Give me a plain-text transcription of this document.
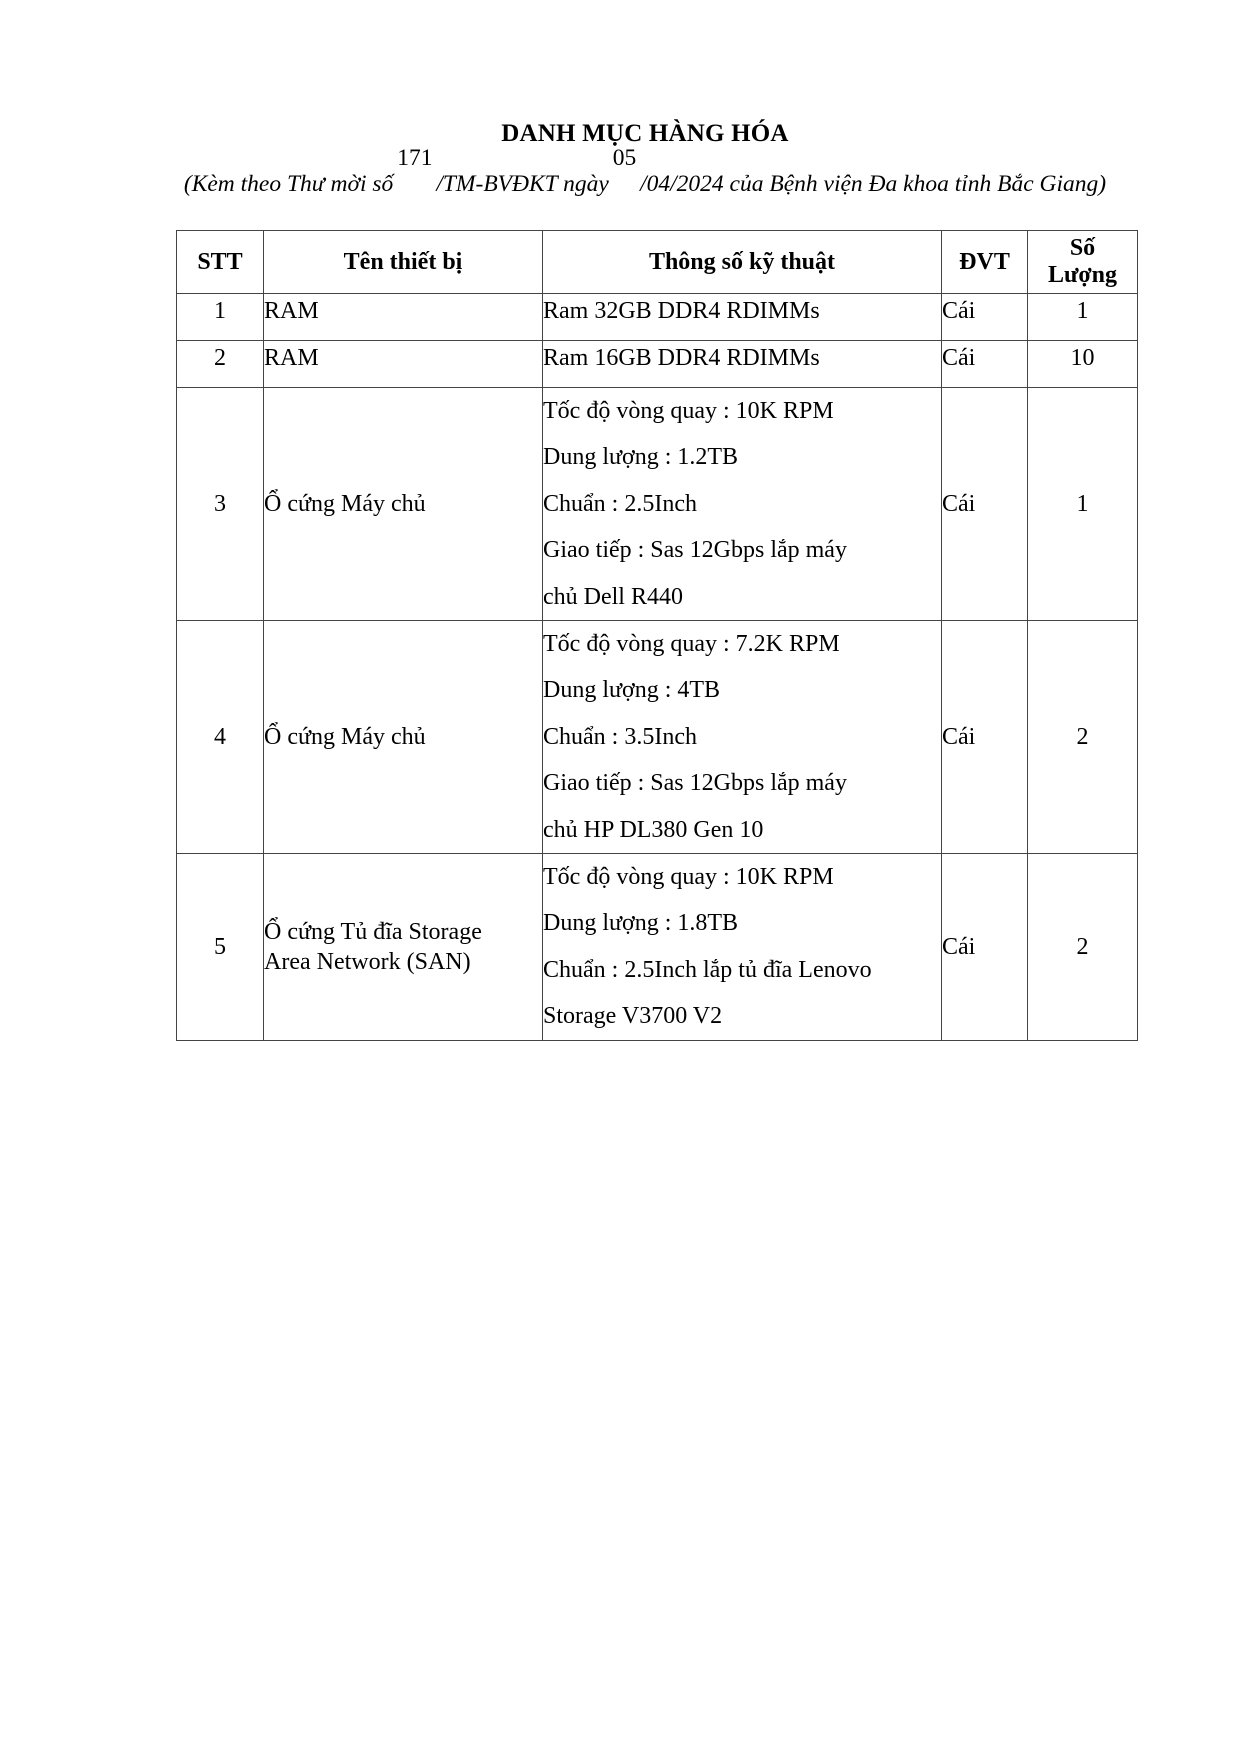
DANH MỤC HÀNG HÓA
(Kèm theo Thư mời số 171 /TM-BVĐKT ngày 05 /04/2024 của Bệnh viện Đa khoa tỉnh Bắc Giang)
STT	Tên thiết bị	Thông số kỹ thuật	ĐVT	Số
Lượng

1	RAM	Ram 32GB DDR4 RDIMMs	Cái	1
2	RAM	Ram 16GB DDR4 RDIMMs	Cái	10
3	Ổ cứng Máy chủ	Tốc độ vòng quay : 10K RPM
Dung lượng : 1.2TB
Chuẩn : 2.5Inch
Giao tiếp : Sas 12Gbps lắp máy
chủ Dell R440	Cái	1
4	Ổ cứng Máy chủ	Tốc độ vòng quay : 7.2K RPM
Dung lượng : 4TB
Chuẩn : 3.5Inch
Giao tiếp : Sas 12Gbps lắp máy
chủ HP DL380 Gen 10	Cái	2
5	Ổ cứng Tủ đĩa Storage
Area Network (SAN)	Tốc độ vòng quay : 10K RPM
Dung lượng : 1.8TB
Chuẩn : 2.5Inch lắp tủ đĩa Lenovo
Storage V3700 V2	Cái	2
